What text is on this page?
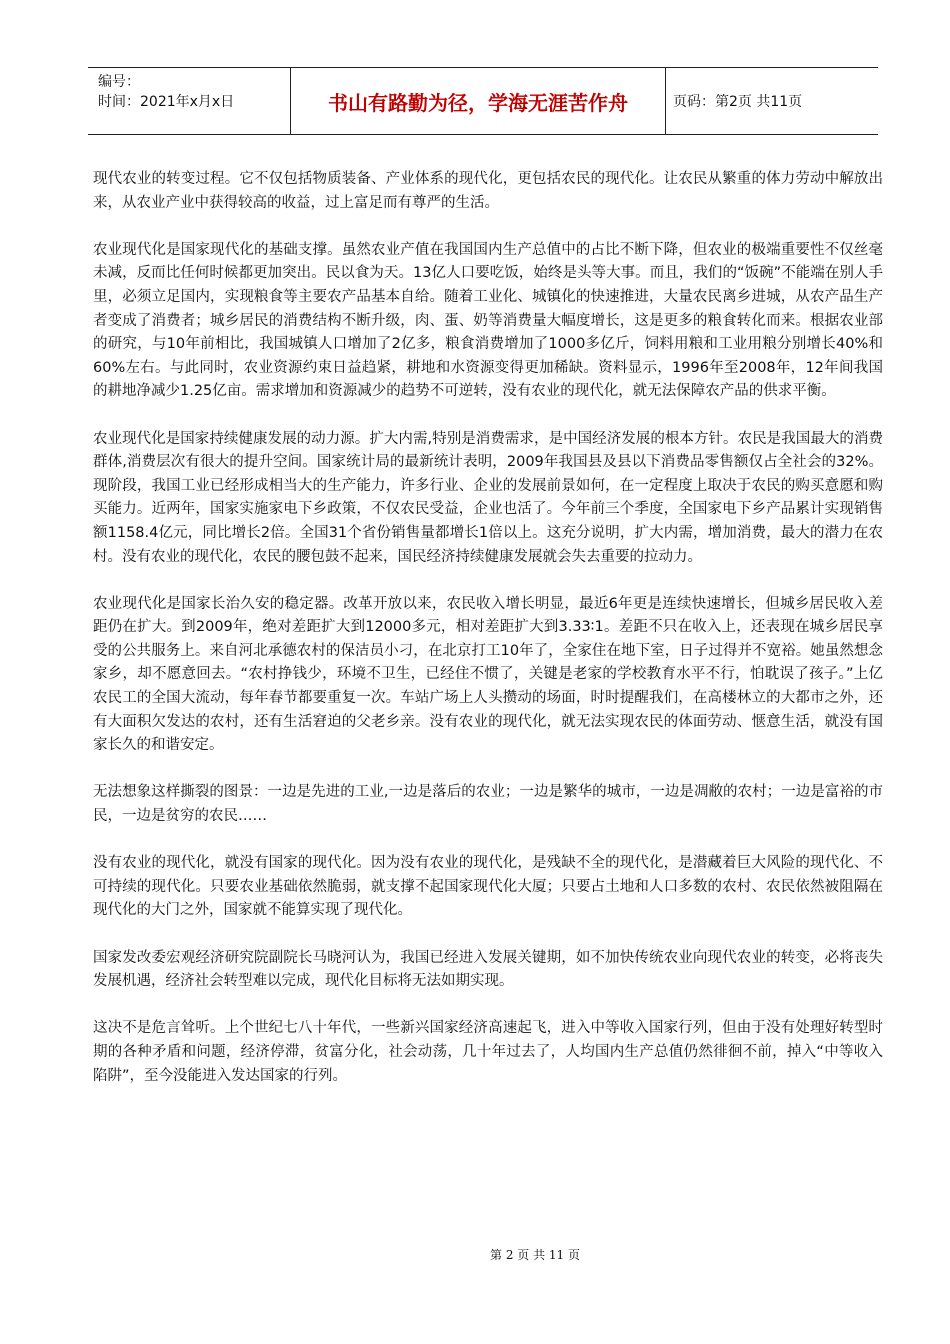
编号：
时间：2021年x月x日	书山有路勤为径，学海无涯苦作舟	页码：第2页 共11页

现代农业的转变过程。它不仅包括物质装备、产业体系的现代化，更包括农民的现代化。让农民从繁重的体力劳动中解放出来，从农业产业中获得较高的收益，过上富足而有尊严的生活。

农业现代化是国家现代化的基础支撑。虽然农业产值在我国国内生产总值中的占比不断下降，但农业的极端重要性不仅丝毫未减，反而比任何时候都更加突出。民以食为天。13亿人口要吃饭，始终是头等大事。而且，我们的“饭碗”不能端在别人手里，必须立足国内，实现粮食等主要农产品基本自给。随着工业化、城镇化的快速推进，大量农民离乡进城，从农产品生产者变成了消费者；城乡居民的消费结构不断升级，肉、蛋、奶等消费量大幅度增长，这是更多的粮食转化而来。根据农业部的研究，与10年前相比，我国城镇人口增加了2亿多，粮食消费增加了1000多亿斤，饲料用粮和工业用粮分别增长40%和60%左右。与此同时，农业资源约束日益趋紧，耕地和水资源变得更加稀缺。资料显示，1996年至2008年，12年间我国的耕地净减少1.25亿亩。需求增加和资源减少的趋势不可逆转，没有农业的现代化，就无法保障农产品的供求平衡。

农业现代化是国家持续健康发展的动力源。扩大内需,特别是消费需求，是中国经济发展的根本方针。农民是我国最大的消费群体,消费层次有很大的提升空间。国家统计局的最新统计表明，2009年我国县及县以下消费品零售额仅占全社会的32%。现阶段，我国工业已经形成相当大的生产能力，许多行业、企业的发展前景如何，在一定程度上取决于农民的购买意愿和购买能力。近两年，国家实施家电下乡政策，不仅农民受益，企业也活了。今年前三个季度，全国家电下乡产品累计实现销售额1158.4亿元，同比增长2倍。全国31个省份销售量都增长1倍以上。这充分说明，扩大内需，增加消费，最大的潜力在农村。没有农业的现代化，农民的腰包鼓不起来，国民经济持续健康发展就会失去重要的拉动力。

农业现代化是国家长治久安的稳定器。改革开放以来，农民收入增长明显，最近6年更是连续快速增长，但城乡居民收入差距仍在扩大。到2009年，绝对差距扩大到12000多元，相对差距扩大到3.33∶1。差距不只在收入上，还表现在城乡居民享受的公共服务上。来自河北承德农村的保洁员小刁，在北京打工10年了，全家住在地下室，日子过得并不宽裕。她虽然想念家乡，却不愿意回去。“农村挣钱少，环境不卫生，已经住不惯了，关键是老家的学校教育水平不行，怕耽误了孩子。”上亿农民工的全国大流动，每年春节都要重复一次。车站广场上人头攒动的场面，时时提醒我们，在高楼林立的大都市之外，还有大面积欠发达的农村，还有生活窘迫的父老乡亲。没有农业的现代化，就无法实现农民的体面劳动、惬意生活，就没有国家长久的和谐安定。

无法想象这样撕裂的图景：一边是先进的工业,一边是落后的农业；一边是繁华的城市，一边是凋敝的农村；一边是富裕的市民，一边是贫穷的农民……

没有农业的现代化，就没有国家的现代化。因为没有农业的现代化，是残缺不全的现代化，是潜藏着巨大风险的现代化、不可持续的现代化。只要农业基础依然脆弱，就支撑不起国家现代化大厦；只要占土地和人口多数的农村、农民依然被阻隔在现代化的大门之外，国家就不能算实现了现代化。

国家发改委宏观经济研究院副院长马晓河认为，我国已经进入发展关键期，如不加快传统农业向现代农业的转变，必将丧失发展机遇，经济社会转型难以完成，现代化目标将无法如期实现。

这决不是危言耸听。上个世纪七八十年代，一些新兴国家经济高速起飞，进入中等收入国家行列，但由于没有处理好转型时期的各种矛盾和问题，经济停滞，贫富分化，社会动荡，几十年过去了，人均国内生产总值仍然徘徊不前，掉入“中等收入陷阱”，至今没能进入发达国家的行列。

第 2 页 共 11 页
